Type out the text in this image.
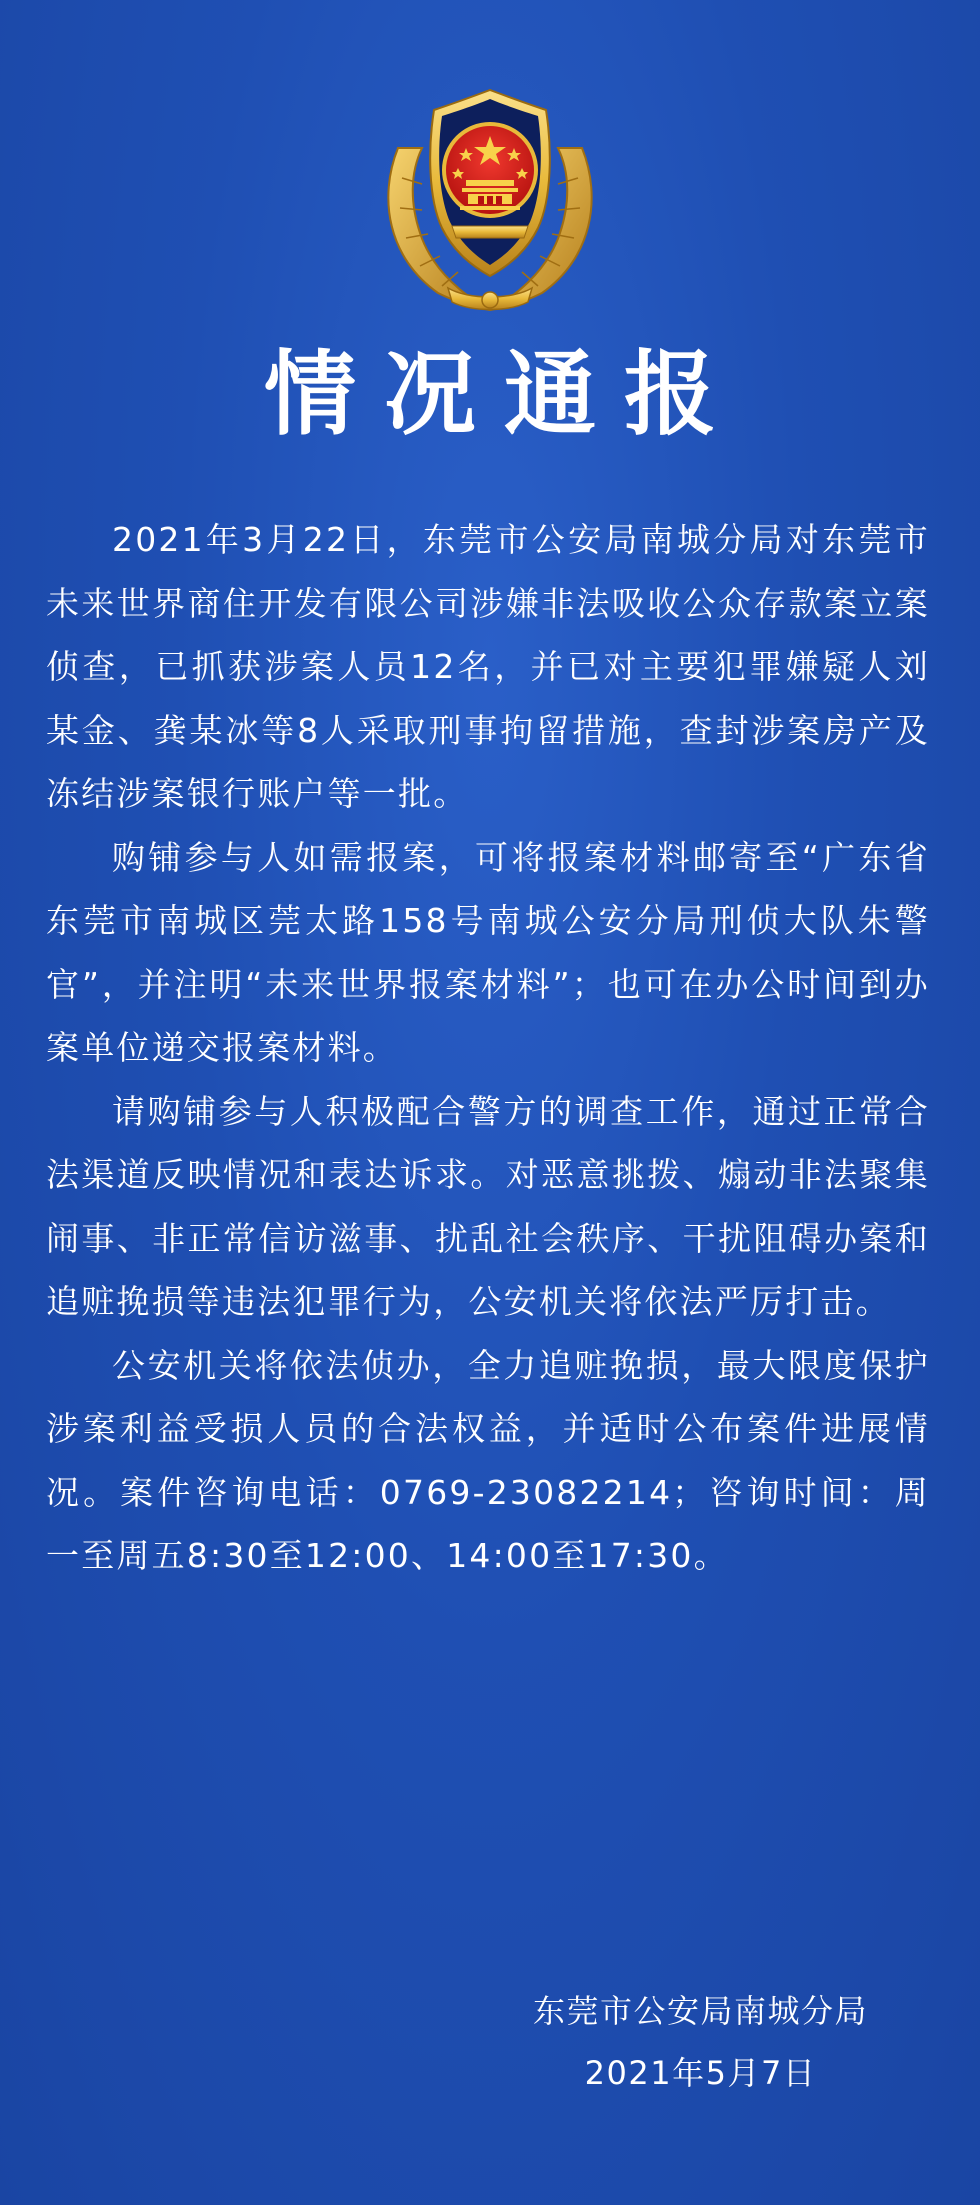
情况通报

2021年3月22日，东莞市公安局南城分局对东莞市未来世界商住开发有限公司涉嫌非法吸收公众存款案立案侦查，已抓获涉案人员12名，并已对主要犯罪嫌疑人刘某金、龚某冰等8人采取刑事拘留措施，查封涉案房产及冻结涉案银行账户等一批。

购铺参与人如需报案，可将报案材料邮寄至“广东省东莞市南城区莞太路158号南城公安分局刑侦大队朱警官”，并注明“未来世界报案材料”；也可在办公时间到办案单位递交报案材料。

请购铺参与人积极配合警方的调查工作，通过正常合法渠道反映情况和表达诉求。对恶意挑拨、煽动非法聚集闹事、非正常信访滋事、扰乱社会秩序、干扰阻碍办案和追赃挽损等违法犯罪行为，公安机关将依法严厉打击。

公安机关将依法侦办，全力追赃挽损，最大限度保护涉案利益受损人员的合法权益，并适时公布案件进展情况。案件咨询电话：0769-23082214；咨询时间：周一至周五8:30至12:00、14:00至17:30。

东莞市公安局南城分局
2021年5月7日
